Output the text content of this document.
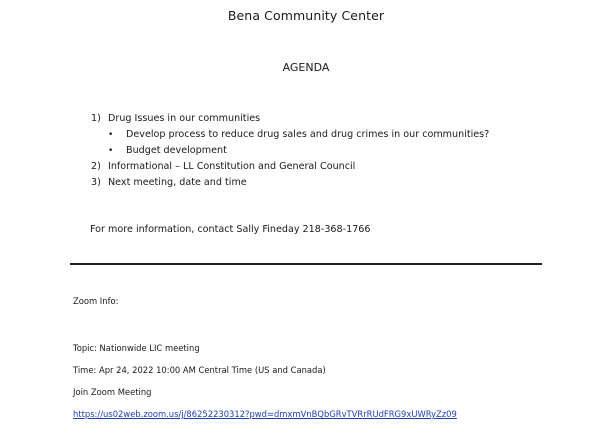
Bena Community Center
AGENDA
1) Drug Issues in our communities
• Develop process to reduce drug sales and drug crimes in our communities?
• Budget development
2) Informational – LL Constitution and General Council
3) Next meeting, date and time
For more information, contact Sally Fineday 218-368-1766
Zoom Info:
Topic: Nationwide LIC meeting
Time: Apr 24, 2022 10:00 AM Central Time (US and Canada)
Join Zoom Meeting
https://us02web.zoom.us/j/86252230312?pwd=dmxmVnBQbGRvTVRrRUdFRG9xUWRyZz09
